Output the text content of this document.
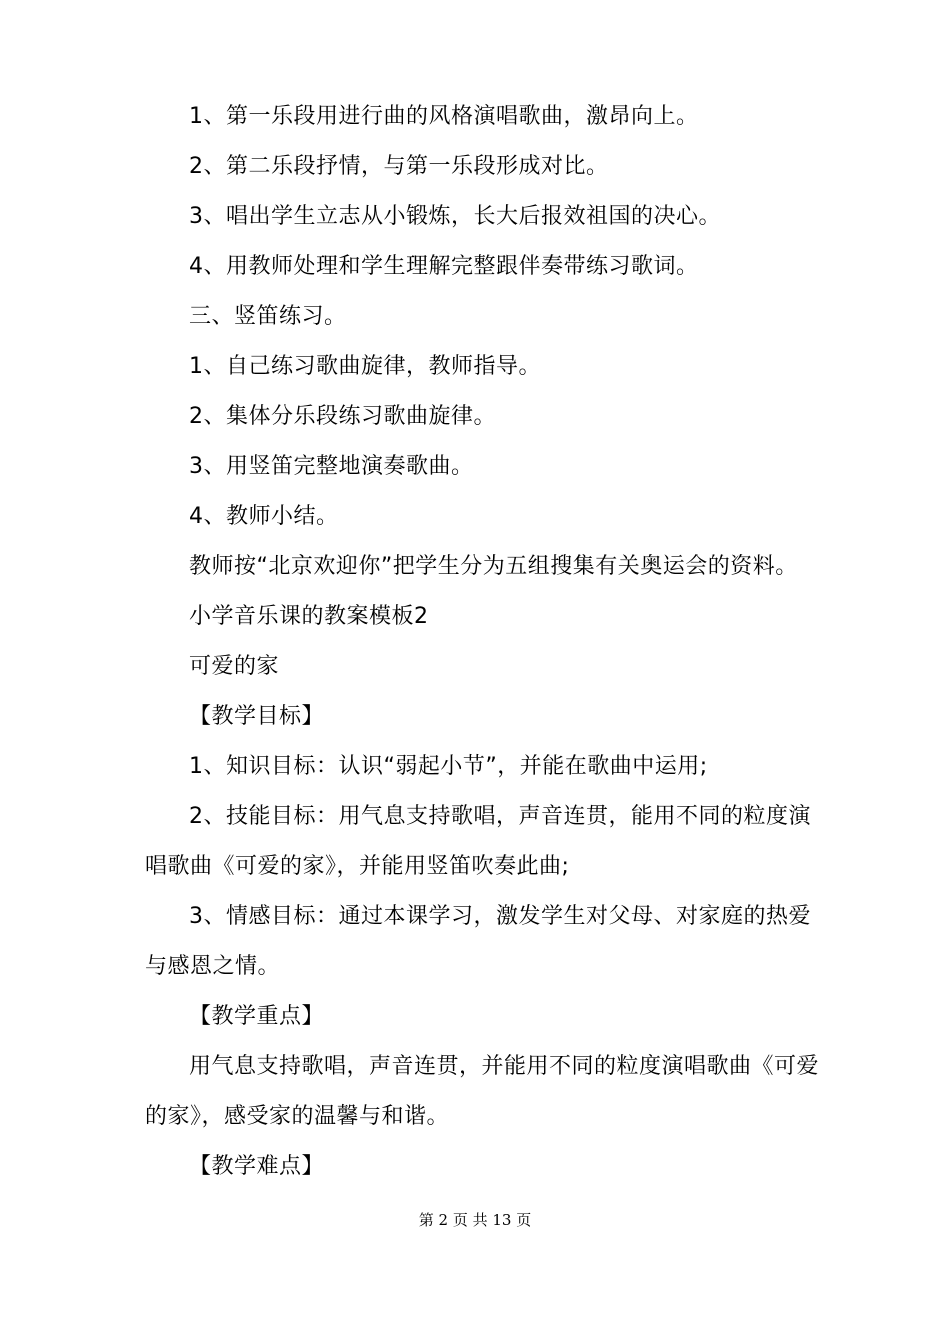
1、第一乐段用进行曲的风格演唱歌曲，激昂向上。
2、第二乐段抒情，与第一乐段形成对比。
3、唱出学生立志从小锻炼，长大后报效祖国的决心。
4、用教师处理和学生理解完整跟伴奏带练习歌词。
三、竖笛练习。
1、自己练习歌曲旋律，教师指导。
2、集体分乐段练习歌曲旋律。
3、用竖笛完整地演奏歌曲。
4、教师小结。
教师按“北京欢迎你”把学生分为五组搜集有关奥运会的资料。
小学音乐课的教案模板2
可爱的家
【教学目标】
1、知识目标：认识“弱起小节”，并能在歌曲中运用;
2、技能目标：用气息支持歌唱，声音连贯，能用不同的粒度演
唱歌曲《可爱的家》，并能用竖笛吹奏此曲;
3、情感目标：通过本课学习，激发学生对父母、对家庭的热爱
与感恩之情。
【教学重点】
用气息支持歌唱，声音连贯，并能用不同的粒度演唱歌曲《可爱
的家》，感受家的温馨与和谐。
【教学难点】
第 2 页 共 13 页
